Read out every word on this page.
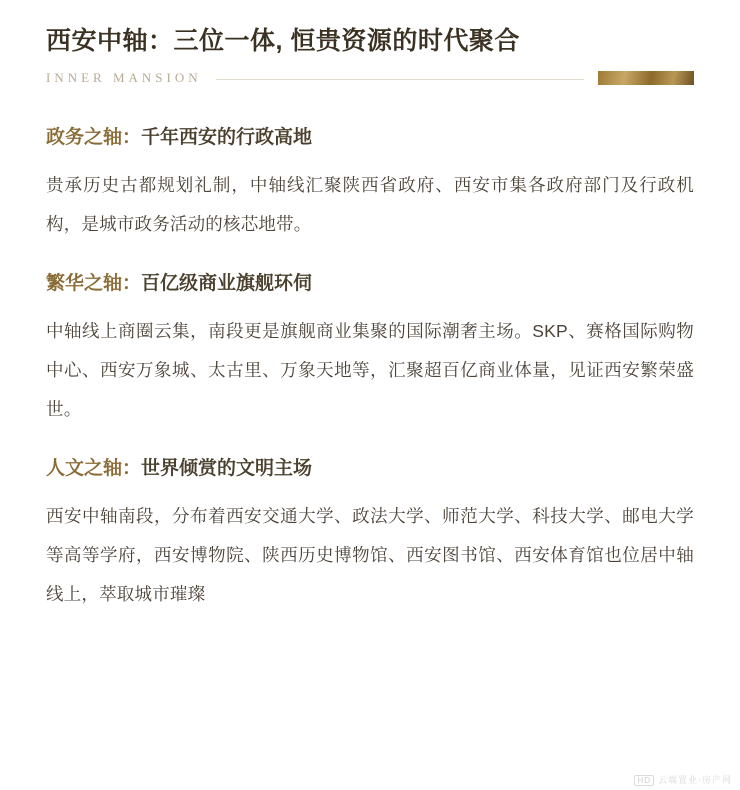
西安中轴：三位一体, 恒贵资源的时代聚合
INNER MANSION
政务之轴：千年西安的行政高地
贵承历史古都规划礼制，中轴线汇聚陕西省政府、西安市集各政府部门及行政机构，是城市政务活动的核芯地带。
繁华之轴：百亿级商业旗舰环伺
中轴线上商圈云集，南段更是旗舰商业集聚的国际潮奢主场。SKP、赛格国际购物中心、西安万象城、太古里、万象天地等，汇聚超百亿商业体量，见证西安繁荣盛世。
人文之轴：世界倾赏的文明主场
西安中轴南段，分布着西安交通大学、政法大学、师范大学、科技大学、邮电大学等高等学府，西安博物院、陕西历史博物馆、西安图书馆、西安体育馆也位居中轴线上，萃取城市璀璨
HD 云端置业·房产网
